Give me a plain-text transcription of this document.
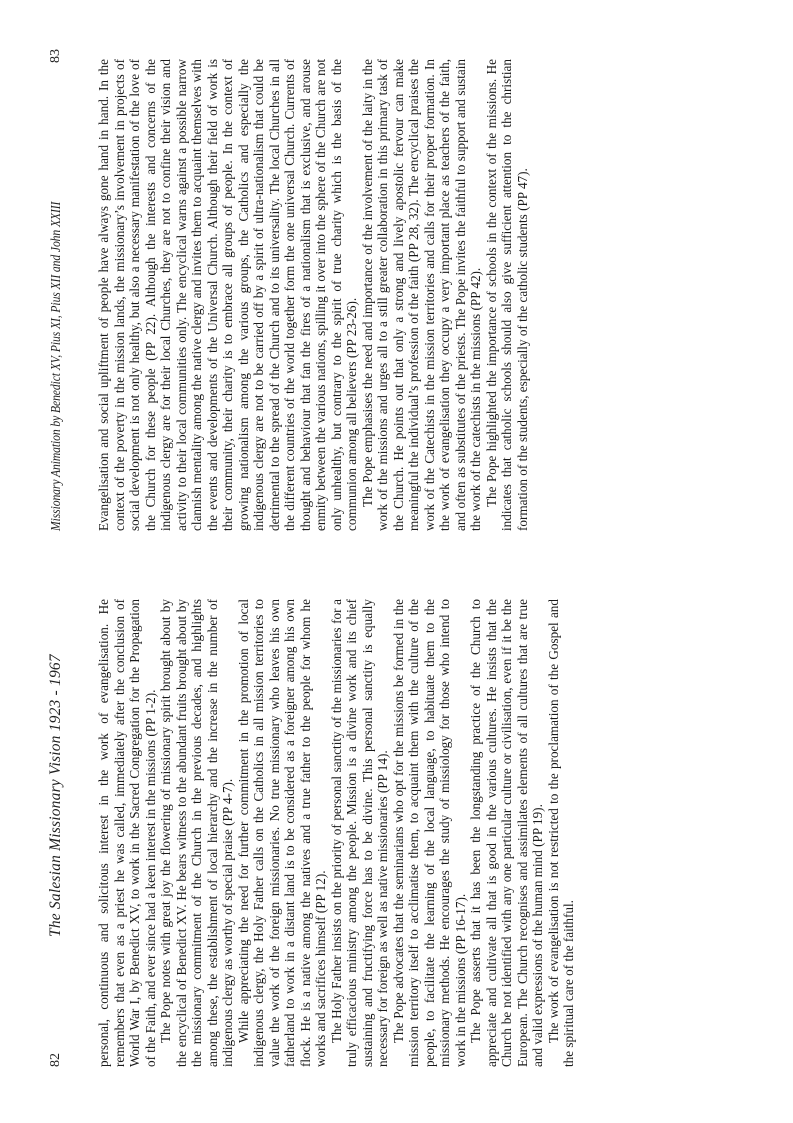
82
The Salesian Missionary Vision 1923 - 1967 personal, continuous and solicitous interest in the work of evangelisation. He remembers that even as a priest he was called, immediately after the conclusion of World War I, by Benedict XV, to work in the Sacred Congregation for the Propagation of the Faith, and ever since had a keen interest in the missions (PP 1-2). The Pope notes with great joy the flowering of missionary spirit brought about by the encyclical of Benedict XV. He bears witness to the abundant fruits brought about by the missionary commitment of the Church in the previous decades, and highlights among these, the establishment of local hierarchy and the increase in the number of indigenous clergy as worthy of special praise (PP 4-7). While appreciating the need for further commitment in the promotion of local indigenous clergy, the Holy Father calls on the Catholics in all mission territories to value the work of the foreign missionaries. No true missionary who leaves his own fatherland to work in a distant land is to be considered as a foreigner among his own flock. He is a native among the natives and a true father to the people for whom he works and sacrifices himself (PP 12). The Holy Father insists on the priority of personal sanctity of the missionaries for a truly efficacious ministry among the people. Mission is a divine work and its chief sustaining and fructifying force has to be divine. This personal sanctity is equally necessary for foreign as well as native missionaries (PP 14). The Pope advocates that the seminarians who opt for the missions be formed in the mission territory itself to acclimatise them, to acquaint them with the culture of the people, to facilitate the learning of the local language, to habituate them to the missionary methods. He encourages the study of missiology for those who intend to work in the missions (PP 16-17). The Pope asserts that it has been the longstanding practice of the Church to appreciate and cultivate all that is good in the various cultures. He insists that the Church be not identified with any one particular culture or civilisation, even if it be the European. The Church recognises and assimilates elements of all cultures that are true and valid expressions of the human mind (PP 19). The work of evangelisation is not restricted to the proclamation of the Gospel and the spiritual care of the faithful.

Missionary Animation by Benedict XV, Pius XI, Pius XII and John XXIII
83

Evangelisation and social upliftment of people have always gone hand in hand. In the context of the poverty in the mission lands, the missionary’s involvement in projects of social development is not only healthy, but also a necessary manifestation of the love of the Church for these people (PP 22). Although the interests and concerns of the indigenous clergy are for their local Churches, they are not to confine their vision and activity to their local communities only. The encyclical warns against a possible narrow clannish mentality among the native clergy and invites them to acquaint themselves with the events and developments of the Universal Church. Although their field of work is their community, their charity is to embrace all groups of people. In the context of growing nationalism among the various groups, the Catholics and especially the indigenous clergy are not to be carried off by a spirit of ultra-nationalism that could be detrimental to the spread of the Church and to its universality. The local Churches in all the different countries of the world together form the one universal Church. Currents of thought and behaviour that fan the fires of a nationalism that is exclusive, and arouse enmity between the various nations, spilling it over into the sphere of the Church are not only unhealthy, but contrary to the spirit of true charity which is the basis of the communion among all believers (PP 23-26). The Pope emphasises the need and importance of the involvement of the laity in the work of the missions and urges all to a still greater collaboration in this primary task of the Church. He points out that only a strong and lively apostolic fervour can make meaningful the individual’s profession of the faith (PP 28, 32). The encyclical praises the work of the Catechists in the mission territories and calls for their proper formation. In the work of evangelisation they occupy a very important place as teachers of the faith, and often as substitutes of the priests. The Pope invites the faithful to support and sustain the work of the catechists in the missions (PP 42). The Pope highlighted the importance of schools in the context of the missions. He indicates that catholic schools should also give sufficient attention to the christian formation of the students, especially of the catholic students (PP 47).
